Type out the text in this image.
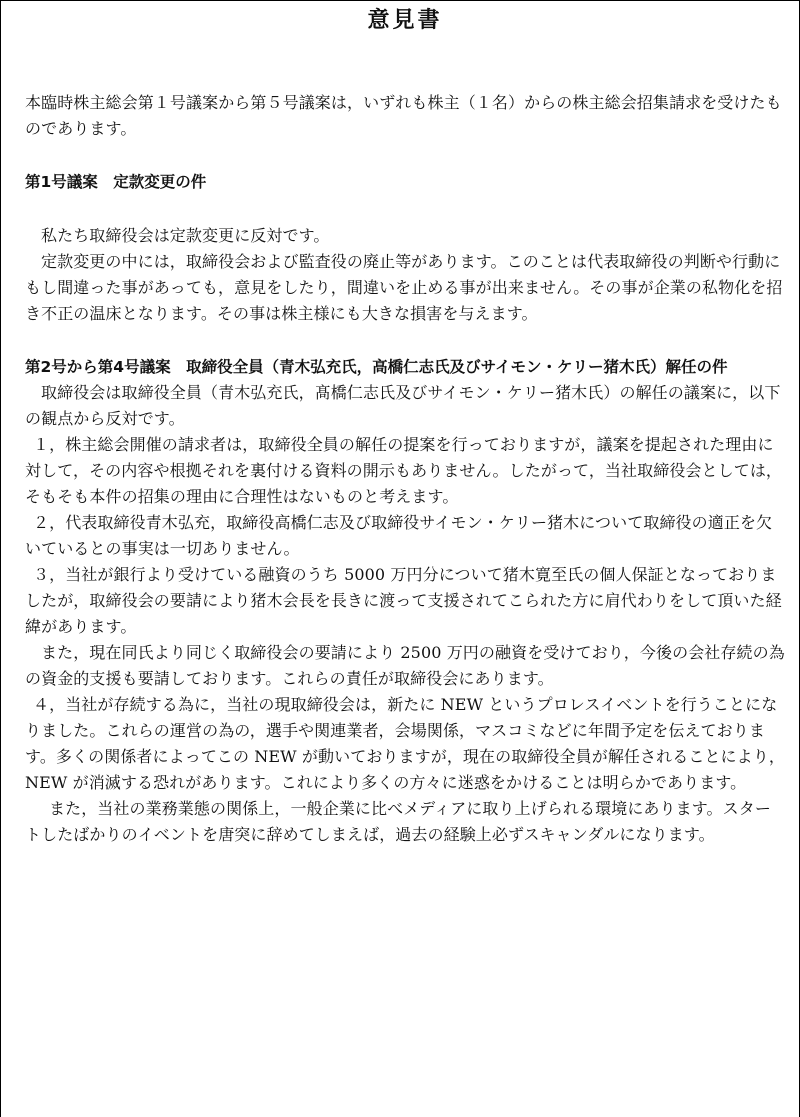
意見書

本臨時株主総会第１号議案から第５号議案は，いずれも株主（１名）からの株主総会招集請求を受けたものであります。

第1号議案　定款変更の件

私たち取締役会は定款変更に反対です。

定款変更の中には，取締役会および監査役の廃止等があります。このことは代表取締役の判断や行動にもし間違った事があっても，意見をしたり，間違いを止める事が出来ません。その事が企業の私物化を招き不正の温床となります。その事は株主様にも大きな損害を与えます。

第2号から第4号議案　取締役全員（青木弘充氏，高橋仁志氏及びサイモン・ケリー猪木氏）解任の件

取締役会は取締役全員（青木弘充氏，髙橋仁志氏及びサイモン・ケリー猪木氏）の解任の議案に，以下の観点から反対です。

１，株主総会開催の請求者は，取締役全員の解任の提案を行っておりますが，議案を提起された理由に対して，その内容や根拠それを裏付ける資料の開示もありません。したがって，当社取締役会としては，そもそも本件の招集の理由に合理性はないものと考えます。

２，代表取締役青木弘充，取締役高橋仁志及び取締役サイモン・ケリー猪木について取締役の適正を欠いているとの事実は一切ありません。

３，当社が銀行より受けている融資のうち 5000 万円分について猪木寛至氏の個人保証となっておりましたが，取締役会の要請により猪木会長を長きに渡って支援されてこられた方に肩代わりをして頂いた経緯があります。

また，現在同氏より同じく取締役会の要請により 2500 万円の融資を受けており，今後の会社存続の為の資金的支援も要請しております。これらの責任が取締役会にあります。

４，当社が存続する為に，当社の現取締役会は，新たに NEW というプロレスイベントを行うことになりました。これらの運営の為の，選手や関連業者，会場関係，マスコミなどに年間予定を伝えております。多くの関係者によってこの NEW が動いておりますが，現在の取締役全員が解任されることにより，NEW が消滅する恐れがあります。これにより多くの方々に迷惑をかけることは明らかであります。

また，当社の業務業態の関係上，一般企業に比べメディアに取り上げられる環境にあります。スタートしたばかりのイベントを唐突に辞めてしまえば，過去の経験上必ずスキャンダルになります。
